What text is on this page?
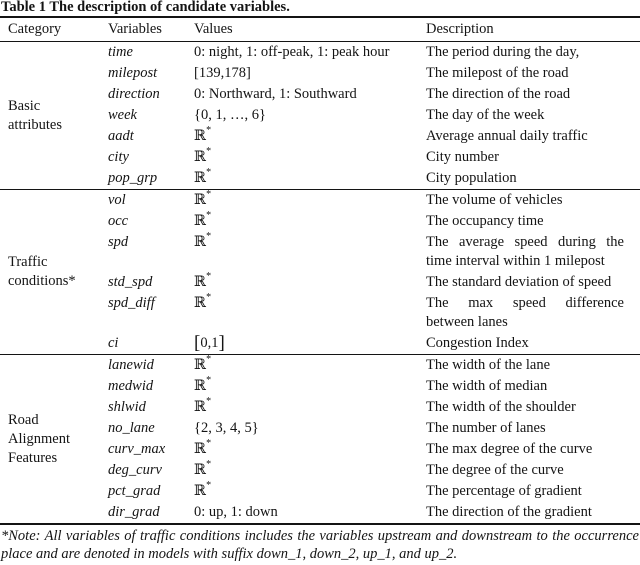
Table 1 The description of candidate variables.
Category	Variables	Values	Description
Basic attributes	time	0: night, 1: off-peak, 1: peak hour	The period during the day,
	milepost	[139,178]	The milepost of the road
	direction	0: Northward, 1: Southward	The direction of the road
	week	{0, 1, …, 6}	The day of the week
	aadt	ℝ*	Average annual daily traffic
	city	ℝ*	City number
	pop_grp	ℝ*	City population
Traffic conditions*	vol	ℝ*	The volume of vehicles
	occ	ℝ*	The occupancy time
	spd	ℝ*	The average speed during the time interval within 1 milepost
	std_spd	ℝ*	The standard deviation of speed
	spd_diff	ℝ*	The max speed difference between lanes
	ci	[0,1]	Congestion Index
Road Alignment Features	lanewid	ℝ*	The width of the lane
	medwid	ℝ*	The width of median
	shlwid	ℝ*	The width of the shoulder
	no_lane	{2, 3, 4, 5}	The number of lanes
	curv_max	ℝ*	The max degree of the curve
	deg_curv	ℝ*	The degree of the curve
	pct_grad	ℝ*	The percentage of gradient
	dir_grad	0: up, 1: down	The direction of the gradient
*Note: All variables of traffic conditions includes the variables upstream and downstream to the occurrence place and are denoted in models with suffix down_1, down_2, up_1, and up_2.
